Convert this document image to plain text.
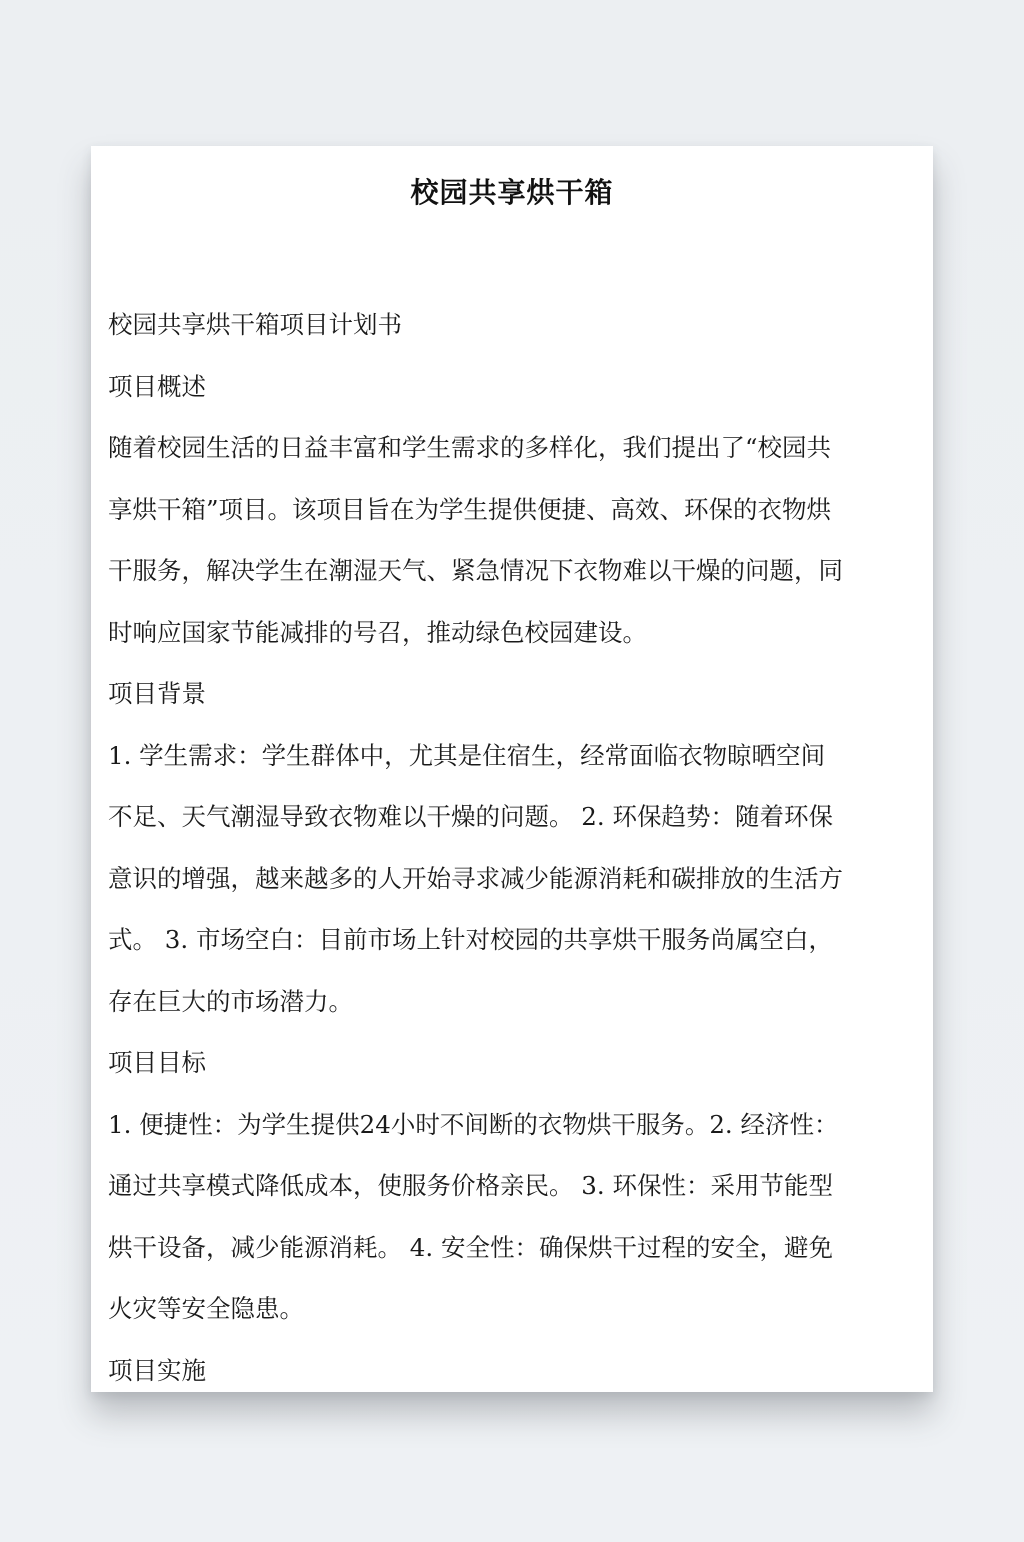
校园共享烘干箱
校园共享烘干箱项目计划书
项目概述
随着校园生活的日益丰富和学生需求的多样化，我们提出了“校园共
享烘干箱”项目。该项目旨在为学生提供便捷、高效、环保的衣物烘
干服务，解决学生在潮湿天气、紧急情况下衣物难以干燥的问题，同
时响应国家节能减排的号召，推动绿色校园建设。
项目背景
1. 学生需求：学生群体中，尤其是住宿生，经常面临衣物晾晒空间
不足、天气潮湿导致衣物难以干燥的问题。 2. 环保趋势：随着环保
意识的增强，越来越多的人开始寻求减少能源消耗和碳排放的生活方
式。 3. 市场空白：目前市场上针对校园的共享烘干服务尚属空白，
存在巨大的市场潜力。
项目目标
1. 便捷性：为学生提供24小时不间断的衣物烘干服务。2. 经济性：
通过共享模式降低成本，使服务价格亲民。 3. 环保性：采用节能型
烘干设备，减少能源消耗。 4. 安全性：确保烘干过程的安全，避免
火灾等安全隐患。
项目实施
